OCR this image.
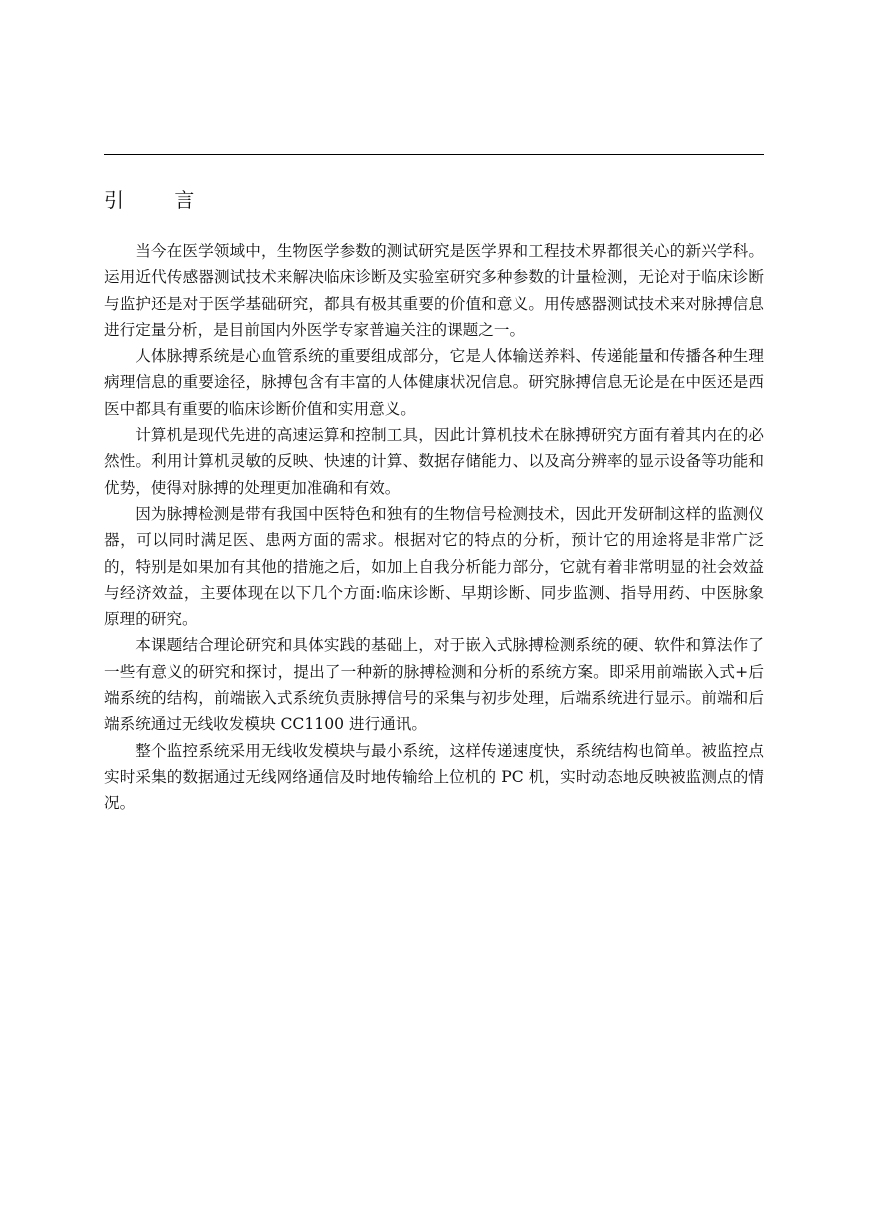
引 言

当今在医学领域中，生物医学参数的测试研究是医学界和工程技术界都很关心的新兴学科。运用近代传感器测试技术来解决临床诊断及实验室研究多种参数的计量检测，无论对于临床诊断与监护还是对于医学基础研究，都具有极其重要的价值和意义。用传感器测试技术来对脉搏信息进行定量分析，是目前国内外医学专家普遍关注的课题之一。

人体脉搏系统是心血管系统的重要组成部分，它是人体输送养料、传递能量和传播各种生理病理信息的重要途径，脉搏包含有丰富的人体健康状况信息。研究脉搏信息无论是在中医还是西医中都具有重要的临床诊断价值和实用意义。

计算机是现代先进的高速运算和控制工具，因此计算机技术在脉搏研究方面有着其内在的必然性。利用计算机灵敏的反映、快速的计算、数据存储能力、以及高分辨率的显示设备等功能和优势，使得对脉搏的处理更加准确和有效。

因为脉搏检测是带有我国中医特色和独有的生物信号检测技术，因此开发研制这样的监测仪器，可以同时满足医、患两方面的需求。根据对它的特点的分析，预计它的用途将是非常广泛的，特别是如果加有其他的措施之后，如加上自我分析能力部分，它就有着非常明显的社会效益与经济效益，主要体现在以下几个方面:临床诊断、早期诊断、同步监测、指导用药、中医脉象原理的研究。

本课题结合理论研究和具体实践的基础上，对于嵌入式脉搏检测系统的硬、软件和算法作了一些有意义的研究和探讨，提出了一种新的脉搏检测和分析的系统方案。即采用前端嵌入式+后端系统的结构，前端嵌入式系统负责脉搏信号的采集与初步处理，后端系统进行显示。前端和后端系统通过无线收发模块 CC1100 进行通讯。

整个监控系统采用无线收发模块与最小系统，这样传递速度快，系统结构也简单。被监控点实时采集的数据通过无线网络通信及时地传输给上位机的 PC 机，实时动态地反映被监测点的情况。
